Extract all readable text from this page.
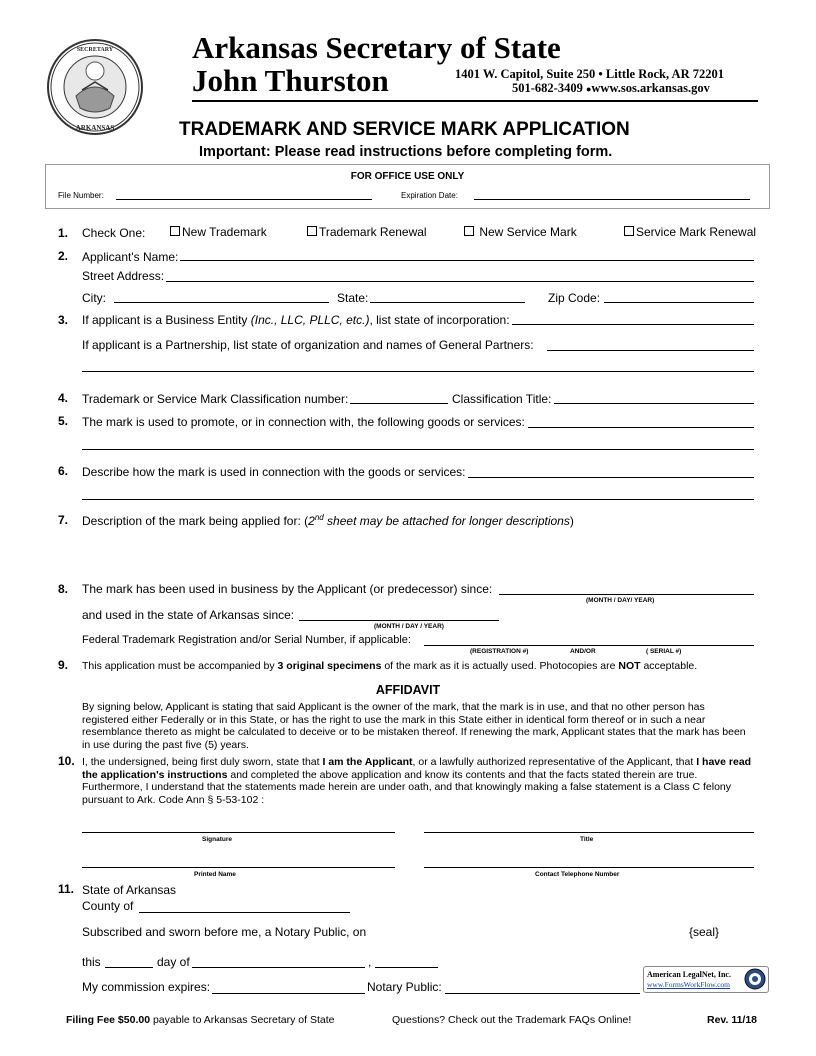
ARKANSAS
SECRETARY	Arkansas Secretary of State
John Thurston	1401 W. Capitol, Suite 250 • Little Rock, AR 72201
501-682-3409 ●www.sos.arkansas.gov
TRADEMARK AND SERVICE MARK APPLICATION
Important: Please read instructions before completing form.
FOR OFFICE USE ONLY
File Number:	Expiration Date:
1. Check One:	New Trademark	Trademark Renewal	New Service Mark	Service Mark Renewal
2. Applicant's Name:
Street Address:
City:	State:	Zip Code:
3. If applicant is a Business Entity (Inc., LLC, PLLC, etc.), list state of incorporation:
If applicant is a Partnership, list state of organization and names of General Partners:
4. Trademark or Service Mark Classification number:	Classification Title:
5. The mark is used to promote, or in connection with, the following goods or services:
6. Describe how the mark is used in connection with the goods or services:
7. Description of the mark being applied for: (2nd sheet may be attached for longer descriptions)
8. The mark has been used in business by the Applicant (or predecessor) since:
(MONTH / DAY/ YEAR)
and used in the state of Arkansas since:
(MONTH / DAY / YEAR)
Federal Trademark Registration and/or Serial Number, if applicable:
(REGISTRATION #)	AND/OR	( SERIAL #)
9. This application must be accompanied by 3 original specimens of the mark as it is actually used. Photocopies are NOT acceptable.
AFFIDAVIT
By signing below, Applicant is stating that said Applicant is the owner of the mark, that the mark is in use, and that no other person has registered either Federally or in this State, or has the right to use the mark in this State either in identical form thereof or in such a near resemblance thereto as might be calculated to deceive or to be mistaken thereof. If renewing the mark, Applicant states that the mark has been in use during the past five (5) years.
10. I, the undersigned, being first duly sworn, state that I am the Applicant, or a lawfully authorized representative of the Applicant, that I have read the application's instructions and completed the above application and know its contents and that the facts stated therein are true. Furthermore, I understand that the statements made herein are under oath, and that knowingly making a false statement is a Class C felony pursuant to Ark. Code Ann § 5-53-102 :
Signature	Title
Printed Name	Contact Telephone Number
11. State of Arkansas
County of
Subscribed and sworn before me, a Notary Public, on	{seal}
this	day of	,
My commission expires:	Notary Public:
American LegalNet, Inc.
www.FormsWorkFlow.com
Filing Fee $50.00 payable to Arkansas Secretary of State	Questions? Check out the Trademark FAQs Online!	Rev. 11/18
